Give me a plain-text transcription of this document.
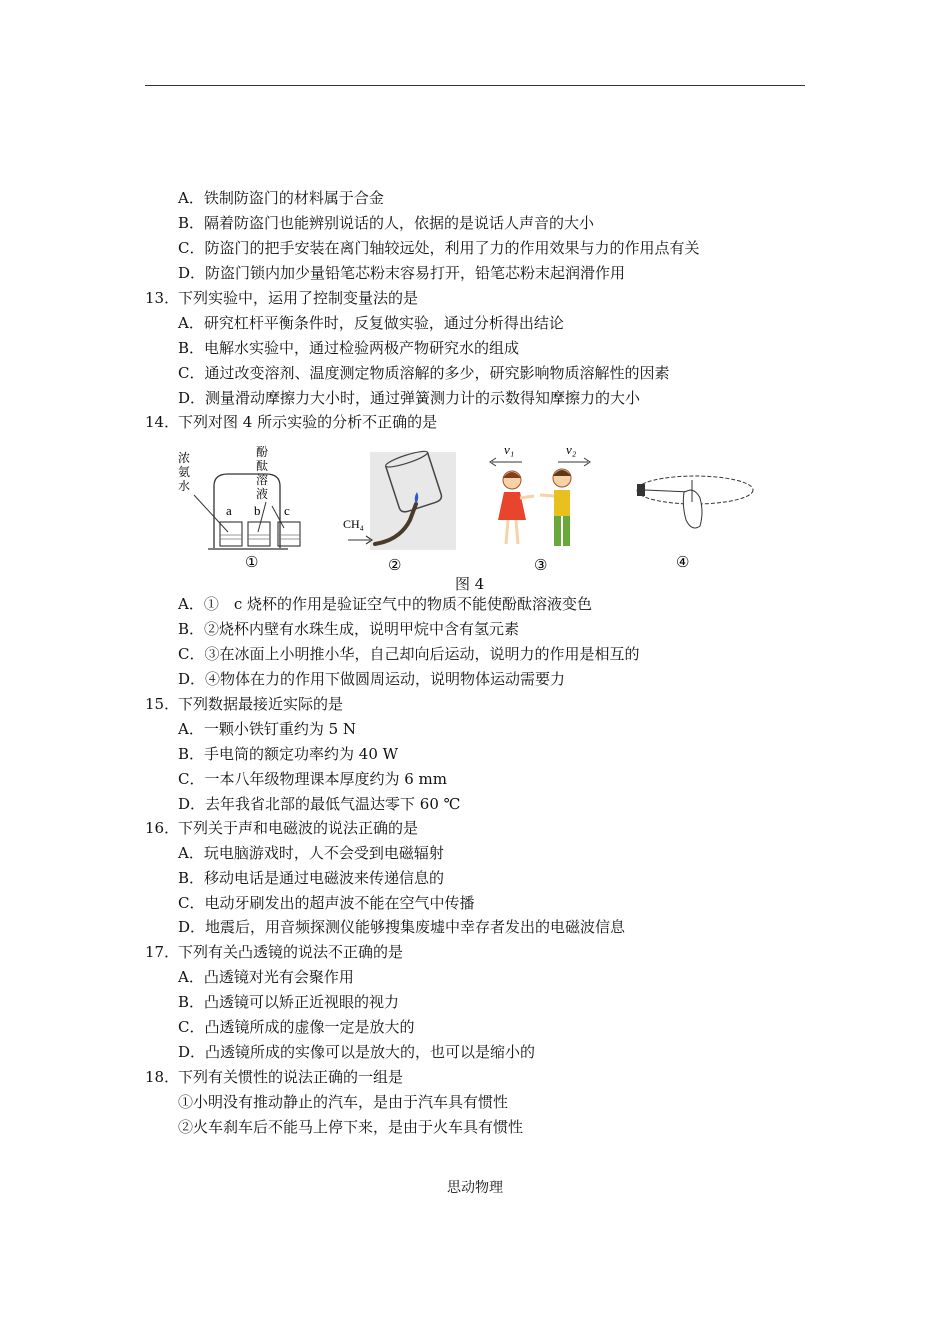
A．铁制防盗门的材料属于合金
B．隔着防盗门也能辨别说话的人，依据的是说话人声音的大小
C．防盗门的把手安装在离门轴较远处，利用了力的作用效果与力的作用点有关
D．防盗门锁内加少量铅笔芯粉末容易打开，铅笔芯粉末起润滑作用
13．下列实验中，运用了控制变量法的是
A．研究杠杆平衡条件时，反复做实验，通过分析得出结论
B．电解水实验中，通过检验两极产物研究水的组成
C．通过改变溶剂、温度测定物质溶解的多少，研究影响物质溶解性的因素
D．测量滑动摩擦力大小时，通过弹簧测力计的示数得知摩擦力的大小
14．下列对图 4 所示实验的分析不正确的是
浓
氨
水
酚
酞
溶
液
a b c
①
CH₄
②
v₁	v₂
③	④
图 4
A．①　c 烧杯的作用是验证空气中的物质不能使酚酞溶液变色
B．②烧杯内壁有水珠生成，说明甲烷中含有氢元素
C．③在冰面上小明推小华，自己却向后运动，说明力的作用是相互的
D．④物体在力的作用下做圆周运动，说明物体运动需要力
15．下列数据最接近实际的是
A．一颗小铁钉重约为 5 N
B．手电筒的额定功率约为 40 W
C．一本八年级物理课本厚度约为 6 mm
D．去年我省北部的最低气温达零下 60 ℃
16．下列关于声和电磁波的说法正确的是
A．玩电脑游戏时，人不会受到电磁辐射
B．移动电话是通过电磁波来传递信息的
C．电动牙刷发出的超声波不能在空气中传播
D．地震后，用音频探测仪能够搜集废墟中幸存者发出的电磁波信息
17．下列有关凸透镜的说法不正确的是
A．凸透镜对光有会聚作用
B．凸透镜可以矫正近视眼的视力
C．凸透镜所成的虚像一定是放大的
D．凸透镜所成的实像可以是放大的，也可以是缩小的
18．下列有关惯性的说法正确的一组是
①小明没有推动静止的汽车，是由于汽车具有惯性
②火车刹车后不能马上停下来，是由于火车具有惯性
思动物理
